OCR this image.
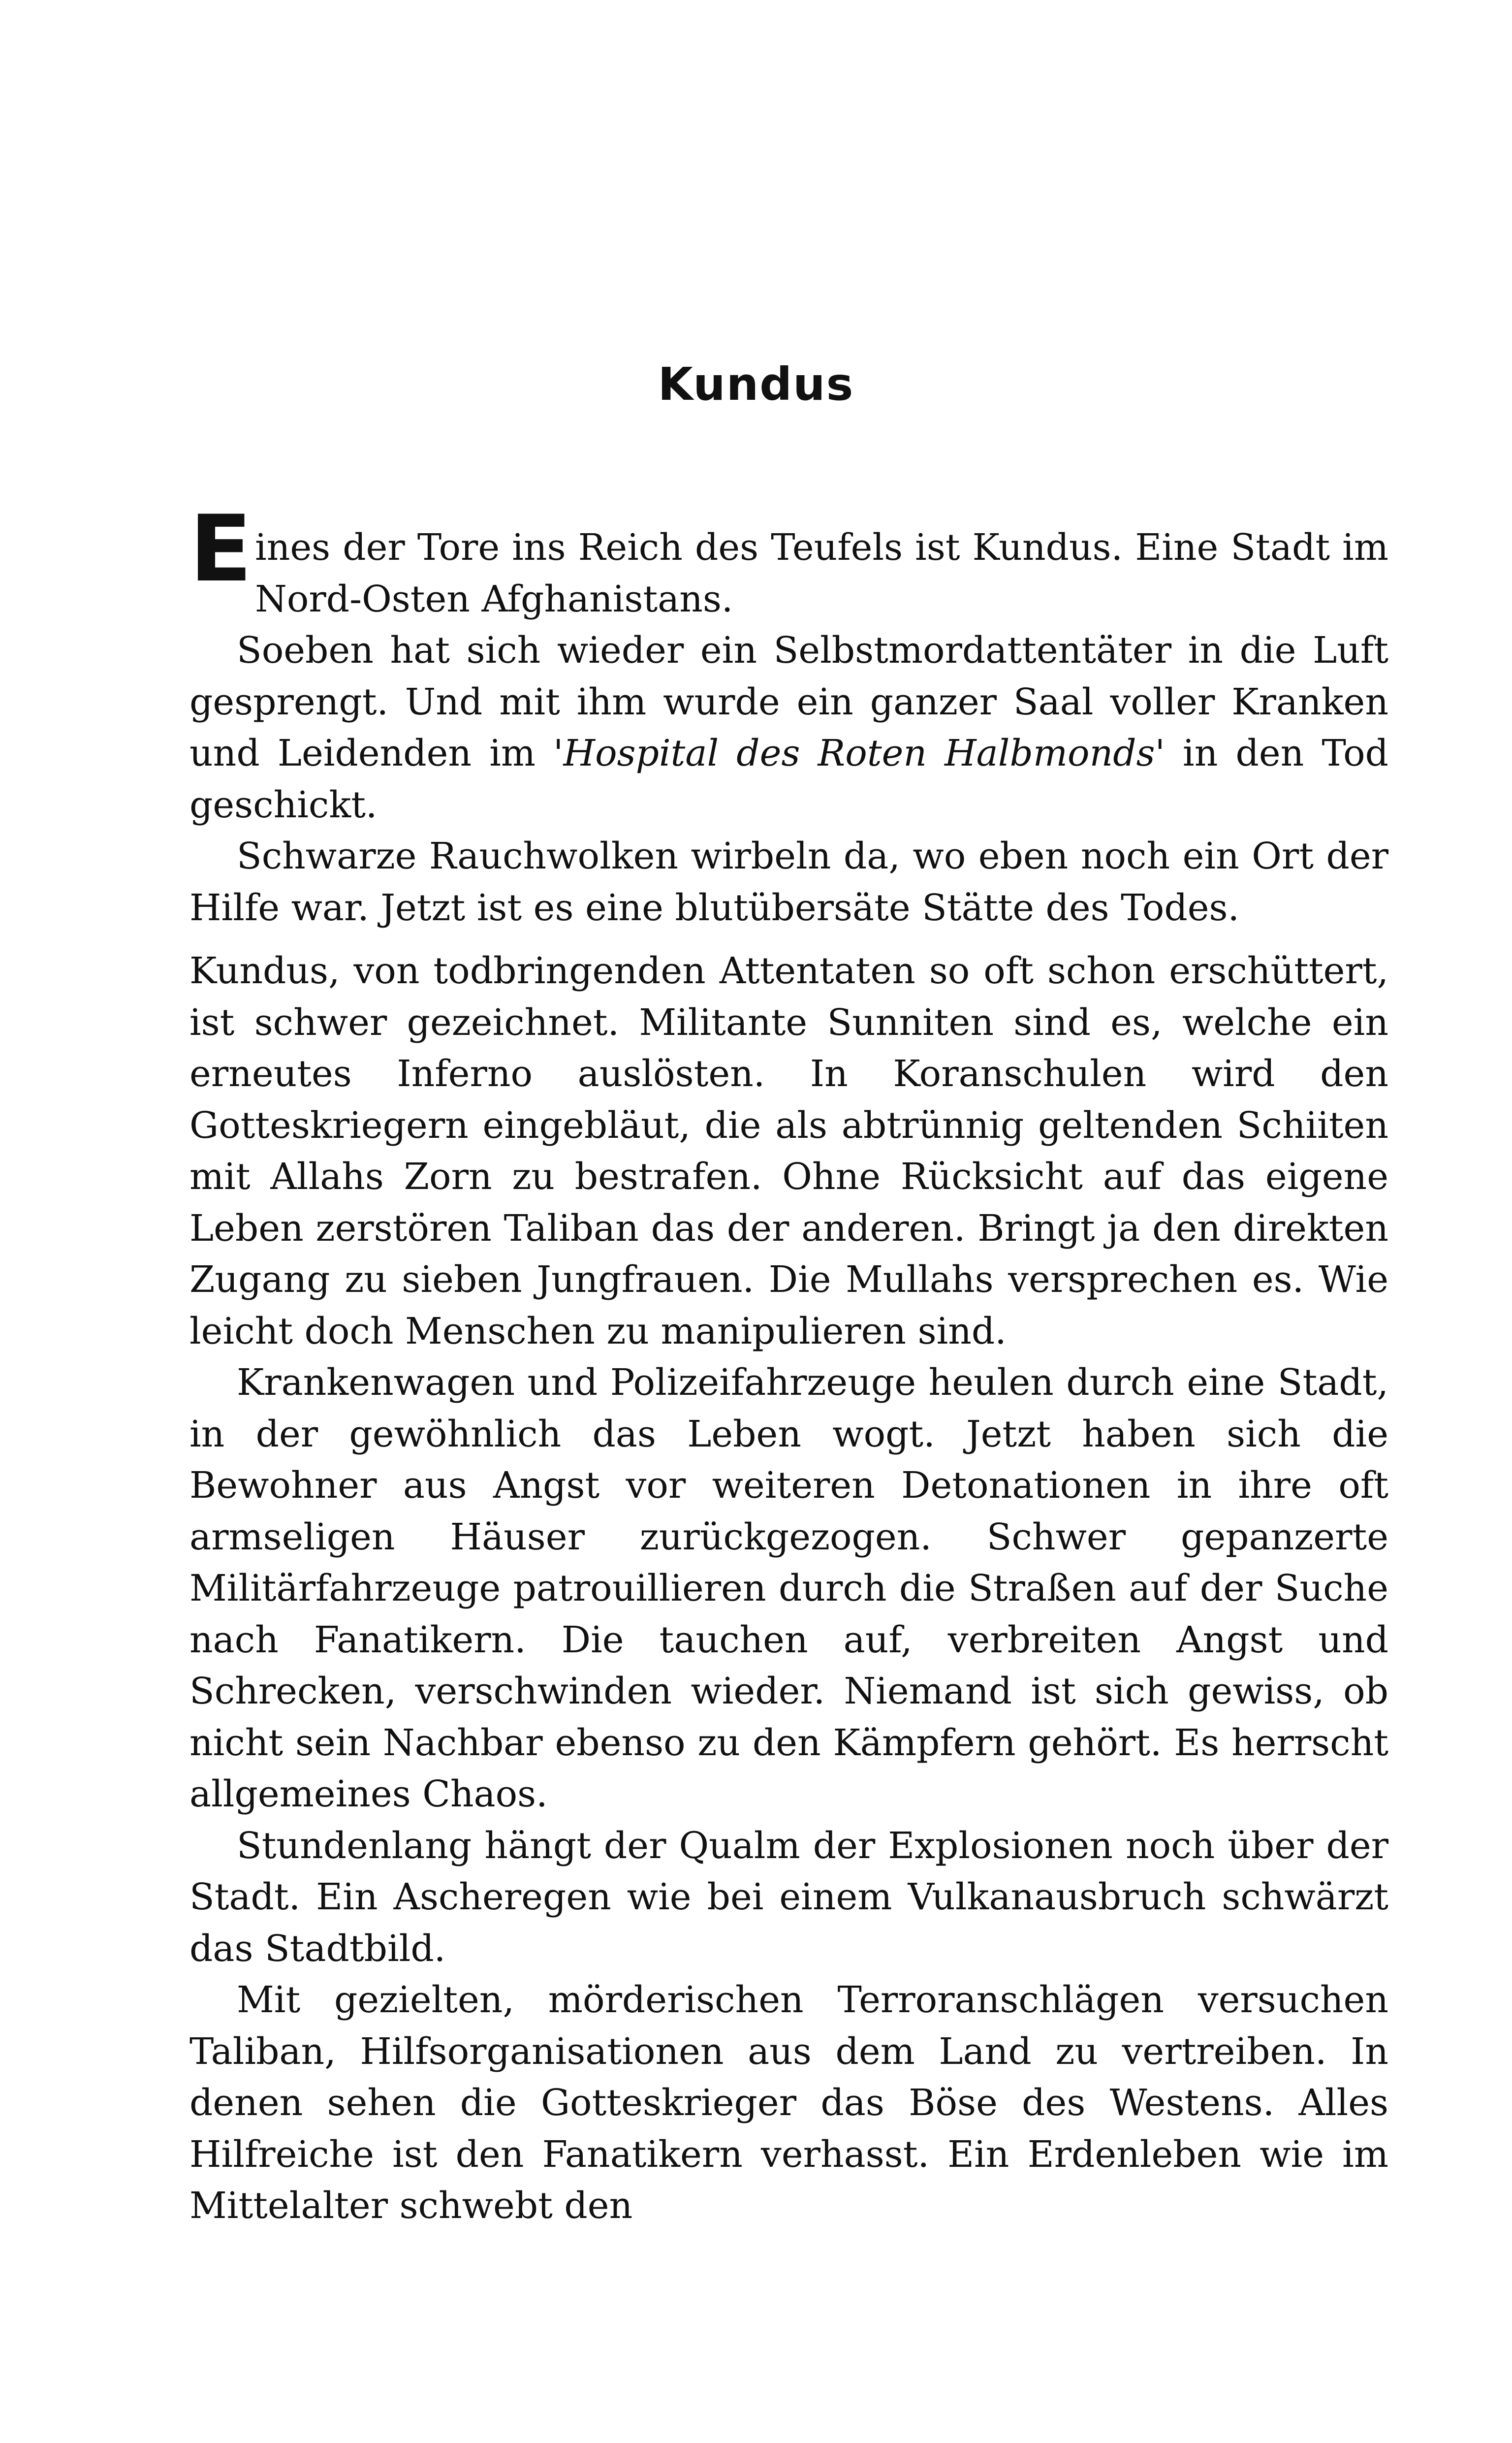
Kundus

Eines der Tore ins Reich des Teufels ist Kundus. Eine Stadt im Nord-Osten Afghanistans.

Soeben hat sich wieder ein Selbstmordattentäter in die Luft gesprengt. Und mit ihm wurde ein ganzer Saal voller Kranken und Leidenden im 'Hospital des Roten Halbmonds' in den Tod geschickt.

Schwarze Rauchwolken wirbeln da, wo eben noch ein Ort der Hilfe war. Jetzt ist es eine blutübersäte Stätte des Todes.

Kundus, von todbringenden Attentaten so oft schon erschüttert, ist schwer gezeichnet. Militante Sunniten sind es, welche ein erneutes Inferno auslösten. In Koranschulen wird den Gotteskriegern eingebläut, die als abtrünnig geltenden Schiiten mit Allahs Zorn zu bestrafen. Ohne Rücksicht auf das eigene Leben zerstören Taliban das der anderen. Bringt ja den direkten Zugang zu sieben Jungfrauen. Die Mullahs versprechen es. Wie leicht doch Menschen zu manipulieren sind.

Krankenwagen und Polizeifahrzeuge heulen durch eine Stadt, in der gewöhnlich das Leben wogt. Jetzt haben sich die Bewohner aus Angst vor weiteren Detonationen in ihre oft armseligen Häuser zurückgezogen. Schwer gepanzerte Militärfahrzeuge patrouillieren durch die Straßen auf der Suche nach Fanatikern. Die tauchen auf, verbreiten Angst und Schrecken, verschwinden wieder. Niemand ist sich gewiss, ob nicht sein Nachbar ebenso zu den Kämpfern gehört. Es herrscht allgemeines Chaos.

Stundenlang hängt der Qualm der Explosionen noch über der Stadt. Ein Ascheregen wie bei einem Vulkanausbruch schwärzt das Stadtbild.

Mit gezielten, mörderischen Terroranschlägen versuchen Taliban, Hilfsorganisationen aus dem Land zu vertreiben. In denen sehen die Gotteskrieger das Böse des Westens. Alles Hilfreiche ist den Fanatikern verhasst. Ein Erdenleben wie im Mittelalter schwebt den
